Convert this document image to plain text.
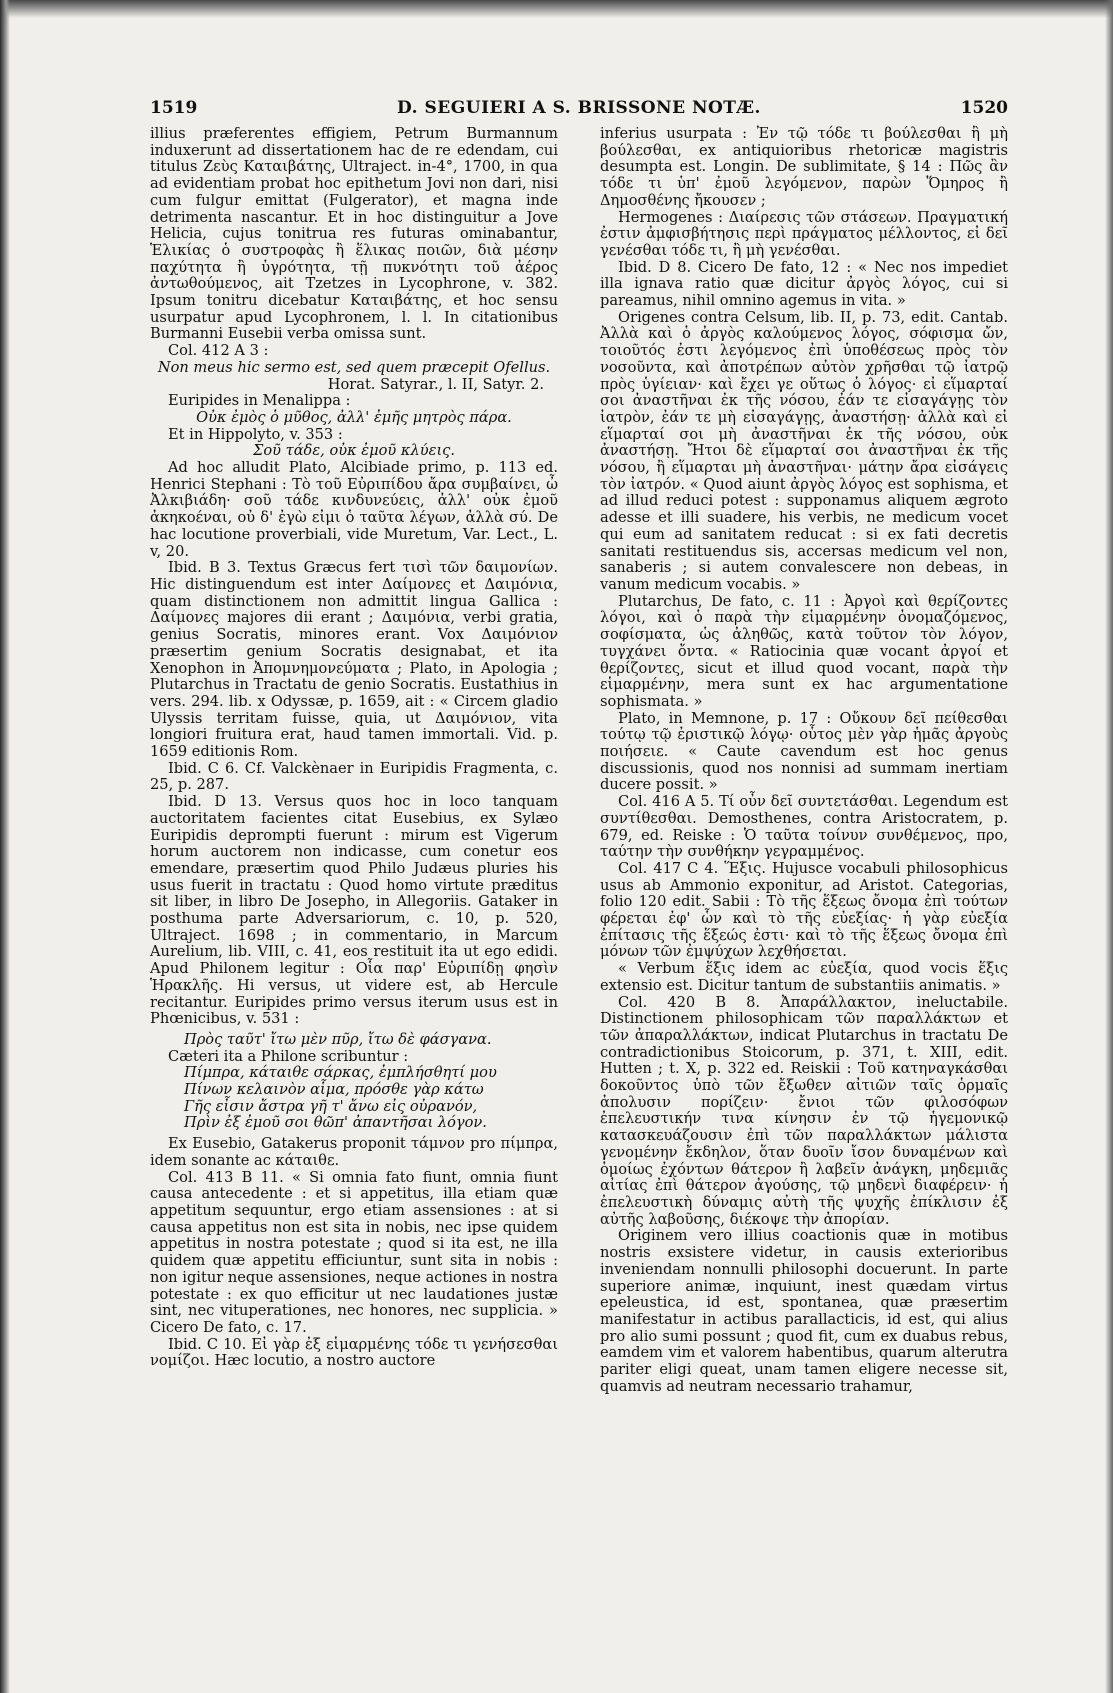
1519	D. SEGUIERI A S. BRISSONE NOTÆ.	1520

illius præferentes effigiem, Petrum Burmannum induxerunt ad dissertationem hac de re edendam, cui titulus Ζεὺς Καταιβάτης, Ultraject. in-4°, 1700, in qua ad evidentiam probat hoc epithetum Jovi non dari, nisi cum fulgur emittat (Fulgerator), et magna inde detrimenta nascantur. Et in hoc distinguitur a Jove Helicia, cujus tonitrua res futuras ominabantur, Ἑλικίας ὁ συστροφὰς ἢ ἕλικας ποιῶν, διὰ μέσην παχύτητα ἢ ὑγρότητα, τῇ πυκνότητι τοῦ ἀέρος ἀντωθούμενος, ait Tzetzes in Lycophrone, v. 382. Ipsum tonitru dicebatur Καταιβάτης, et hoc sensu usurpatur apud Lycophronem, l. l. In citationibus Burmanni Eusebii verba omissa sunt.

Col. 412 A 3 :

Non meus hic sermo est, sed quem præcepit Ofellus.

Horat. Satyrar., l. II, Satyr. 2.

Euripides in Menalippa :

Οὐκ ἐμὸς ὁ μῦθος, ἀλλ' ἐμῆς μητρὸς πάρα.

Et in Hippolyto, v. 353 :

Σοῦ τάδε, οὐκ ἐμοῦ κλύεις.

Ad hoc alludit Plato, Alcibiade primo, p. 113 ed. Henrici Stephani : Τὸ τοῦ Εὐριπίδου ἄρα συμβαίνει, ὦ Ἀλκιβιάδη· σοῦ τάδε κινδυνεύεις, ἀλλ' οὐκ ἐμοῦ ἀκηκοέναι, οὐ δ' ἐγὼ εἰμι ὁ ταῦτα λέγων, ἀλλὰ σύ. De hac locutione proverbiali, vide Muretum, Var. Lect., L. v, 20.

Ibid. B 3. Textus Græcus fert τισὶ τῶν δαιμονίων. Hic distinguendum est inter Δαίμονες et Δαιμόνια, quam distinctionem non admittit lingua Gallica : Δαίμονες majores dii erant ; Δαιμόνια, verbi gratia, genius Socratis, minores erant. Vox Δαιμόνιον præsertim genium Socratis designabat, et ita Xenophon in Ἀπομνημονεύματα ; Plato, in Apologia ; Plutarchus in Tractatu de genio Socratis. Eustathius in vers. 294. lib. x Odyssæ, p. 1659, ait : « Circem gladio Ulyssis territam fuisse, quia, ut Δαιμόνιον, vita longiori fruitura erat, haud tamen immortali. Vid. p. 1659 editionis Rom.

Ibid. C 6. Cf. Valckènaer in Euripidis Fragmenta, c. 25, p. 287.

Ibid. D 13. Versus quos hoc in loco tanquam auctoritatem facientes citat Eusebius, ex Sylæo Euripidis deprompti fuerunt : mirum est Vigerum horum auctorem non indicasse, cum conetur eos emendare, præsertim quod Philo Judæus pluries his usus fuerit in tractatu : Quod homo virtute præditus sit liber, in libro De Josepho, in Allegoriis. Gataker in posthuma parte Adversariorum, c. 10, p. 520, Ultraject. 1698 ; in commentario, in Marcum Aurelium, lib. VIII, c. 41, eos restituit ita ut ego edidi. Apud Philonem legitur : Οἷα παρ' Εὐριπίδῃ φησὶν Ἡρακλῆς. Hi versus, ut videre est, ab Hercule recitantur. Euripides primo versus iterum usus est in Phœnicibus, v. 531 :

Πρὸς ταῦτ' ἴτω μὲν πῦρ, ἴτω δὲ φάσγανα.

Cæteri ita a Philone scribuntur :

Πίμπρα, κάταιθε σάρκας, ἐμπλήσθητί μου

Πίνων κελαινὸν αἷμα, πρόσθε γὰρ κάτω

Γῆς εἶσιν ἄστρα γῆ τ' ἄνω εἰς οὐρανόν,

Πρὶν ἐξ ἐμοῦ σοι θῶπ' ἀπαντῆσαι λόγον.

Ex Eusebio, Gatakerus proponit τάμνον pro πίμπρα, idem sonante ac κάταιθε.

Col. 413 B 11. « Si omnia fato fiunt, omnia fiunt causa antecedente : et si appetitus, illa etiam quæ appetitum sequuntur, ergo etiam assensiones : at si causa appetitus non est sita in nobis, nec ipse quidem appetitus in nostra potestate ; quod si ita est, ne illa quidem quæ appetitu efficiuntur, sunt sita in nobis : non igitur neque assensiones, neque actiones in nostra potestate : ex quo efficitur ut nec laudationes justæ sint, nec vituperationes, nec honores, nec supplicia. » Cicero De fato, c. 17.

Ibid. C 10. Εἰ γὰρ ἐξ εἱμαρμένης τόδε τι γενήσεσθαι νομίζοι. Hæc locutio, a nostro auctore

inferius usurpata : Ἐν τῷ τόδε τι βούλεσθαι ἢ μὴ βούλεσθαι, ex antiquioribus rhetoricæ magistris desumpta est. Longin. De sublimitate, § 14 : Πῶς ἂν τόδε τι ὑπ' ἐμοῦ λεγόμενον, παρὼν Ὅμηρος ἢ Δημοσθένης ἤκουσεν ;

Hermogenes : Διαίρεσις τῶν στάσεων. Πραγματική ἐστιν ἀμφισβήτησις περὶ πράγματος μέλλοντος, εἰ δεῖ γενέσθαι τόδε τι, ἢ μὴ γενέσθαι.

Ibid. D 8. Cicero De fato, 12 : « Nec nos impediet illa ignava ratio quæ dicitur ἀργὸς λόγος, cui si pareamus, nihil omnino agemus in vita. »

Origenes contra Celsum, lib. II, p. 73, edit. Cantab. Ἀλλὰ καὶ ὁ ἀργὸς καλούμενος λόγος, σόφισμα ὤν, τοιοῦτός ἐστι λεγόμενος ἐπὶ ὑποθέσεως πρὸς τὸν νοσοῦντα, καὶ ἀποτρέπων αὐτὸν χρῆσθαι τῷ ἰατρῷ πρὸς ὑγίειαν· καὶ ἔχει γε οὕτως ὁ λόγος· εἰ εἵμαρταί σοι ἀναστῆναι ἐκ τῆς νόσου, ἐάν τε εἰσαγάγῃς τὸν ἰατρὸν, ἐάν τε μὴ εἰσαγάγῃς, ἀναστήσῃ· ἀλλὰ καὶ εἰ εἵμαρταί σοι μὴ ἀναστῆναι ἐκ τῆς νόσου, οὐκ ἀναστήσῃ. Ἤτοι δὲ εἵμαρταί σοι ἀναστῆναι ἐκ τῆς νόσου, ἢ εἵμαρται μὴ ἀναστῆναι· μάτην ἄρα εἰσάγεις τὸν ἰατρόν. « Quod aiunt ἀργὸς λόγος est sophisma, et ad illud reduci potest : supponamus aliquem ægroto adesse et illi suadere, his verbis, ne medicum vocet qui eum ad sanitatem reducat : si ex fati decretis sanitati restituendus sis, accersas medicum vel non, sanaberis ; si autem convalescere non debeas, in vanum medicum vocabis. »

Plutarchus, De fato, c. 11 : Ἀργοὶ καὶ θερίζοντες λόγοι, καὶ ὁ παρὰ τὴν εἱμαρμένην ὀνομαζόμενος, σοφίσματα, ὡς ἀληθῶς, κατὰ τοῦτον τὸν λόγον, τυγχάνει ὄντα. « Ratiocinia quæ vocant ἀργοί et θερίζοντες, sicut et illud quod vocant, παρὰ τὴν εἱμαρμένην, mera sunt ex hac argumentatione sophismata. »

Plato, in Memnone, p. 17 : Οὔκουν δεῖ πείθεσθαι τούτῳ τῷ ἐριστικῷ λόγῳ· οὗτος μὲν γὰρ ἡμᾶς ἀργοὺς ποιήσειε. « Caute cavendum est hoc genus discussionis, quod nos nonnisi ad summam inertiam ducere possit. »

Col. 416 A 5. Τί οὖν δεῖ συντετάσθαι. Legendum est συντίθεσθαι. Demosthenes, contra Aristocratem, p. 679, ed. Reiske : Ὁ ταῦτα τοίνυν συνθέμενος, προ, ταύτην τὴν συνθήκην γεγραμμένος.

Col. 417 C 4. Ἕξις. Hujusce vocabuli philosophicus usus ab Ammonio exponitur, ad Aristot. Categorias, folio 120 edit. Sabii : Τὸ τῆς ἕξεως ὄνομα ἐπὶ τούτων φέρεται ἐφ' ὧν καὶ τὸ τῆς εὐεξίας· ἡ γὰρ εὐεξία ἐπίτασις τῆς ἕξεώς ἐστι· καὶ τὸ τῆς ἕξεως ὄνομα ἐπὶ μόνων τῶν ἐμψύχων λεχθήσεται.

« Verbum ἕξις idem ac εὐεξία, quod vocis ἕξις extensio est. Dicitur tantum de substantiis animatis. »

Col. 420 B 8. Ἀπαράλλακτον, ineluctabile. Distinctionem philosophicam τῶν παραλλάκτων et τῶν ἀπαραλλάκτων, indicat Plutarchus in tractatu De contradictionibus Stoicorum, p. 371, t. XIII, edit. Hutten ; t. X, p. 322 ed. Reiskii : Τοῦ κατηναγκάσθαι δοκοῦντος ὑπὸ τῶν ἔξωθεν αἰτιῶν ταῖς ὁρμαῖς ἀπολυσιν πορίζειν· ἔνιοι τῶν φιλοσόφων ἐπελευστικήν τινα κίνησιν ἐν τῷ ἡγεμονικῷ κατασκευάζουσιν ἐπὶ τῶν παραλλάκτων μάλιστα γενομένην ἔκδηλον, ὅταν δυοῖν ἴσον δυναμένων καὶ ὁμοίως ἐχόντων θάτερον ἢ λαβεῖν ἀνάγκη, μηδεμιᾶς αἰτίας ἐπὶ θάτερον ἀγούσης, τῷ μηδενὶ διαφέρειν· ἡ ἐπελευστικὴ δύναμις αὐτὴ τῆς ψυχῆς ἐπίκλισιν ἐξ αὐτῆς λαβοῦσης, διέκοψε τὴν ἀπορίαν.

Originem vero illius coactionis quæ in motibus nostris exsistere videtur, in causis exterioribus inveniendam nonnulli philosophi docuerunt. In parte superiore animæ, inquiunt, inest quædam virtus epeleustica, id est, spontanea, quæ præsertim manifestatur in actibus parallacticis, id est, qui alius pro alio sumi possunt ; quod fit, cum ex duabus rebus, eamdem vim et valorem habentibus, quarum alterutra pariter eligi queat, unam tamen eligere necesse sit, quamvis ad neutram necessario trahamur,
